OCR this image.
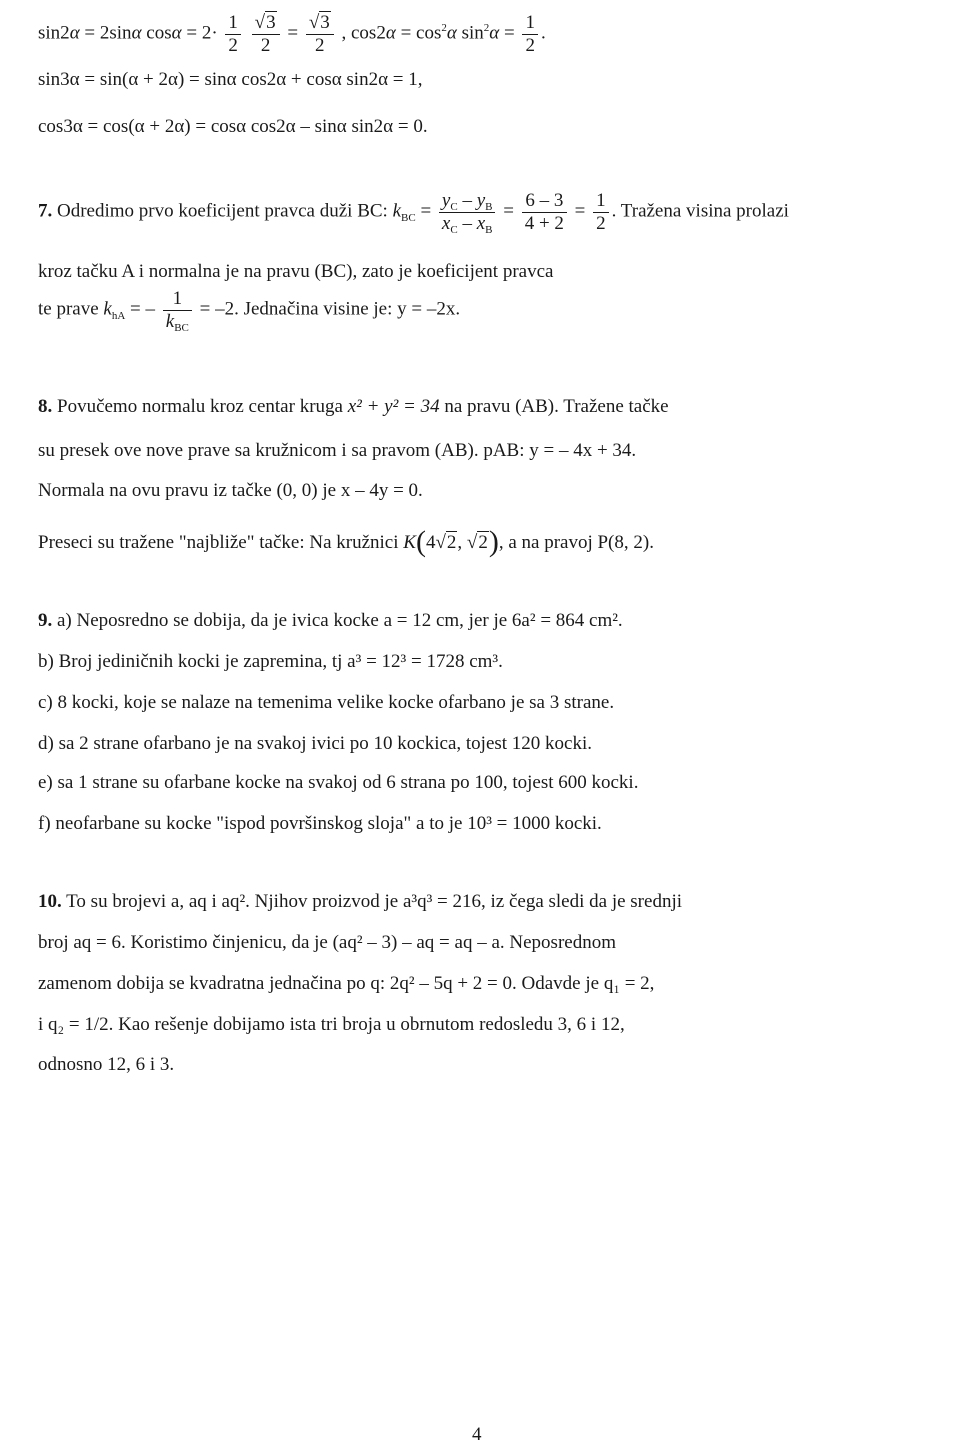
sin2α = 2sinα $\cos\alpha = 2\cdot \frac{1}{2}$
$\frac{√3}{2} = \frac{√3}{2}$ , $\cos 2\alpha = \cos^2\alpha$ $\sin^2\alpha = \frac{1}{2}$ .
sin3α = sin(α + 2α) = sinα cos2α + cosα sin2α = 1,
cos3α = cos(α + 2α) = cosα cos2α – sinα sin2α = 0.
7. Odredimo prvo koeficijent pravca duži BC: $k_{BC} = \frac{y_C - y_B}{x_C - x_B} = \frac{6 - 3}{4 + 2} = \frac{1}{2}$ . Tražena visina prolazi
kroz tačku A i normalna je na pravu (BC), zato je koeficijent pravca
te prave $k_{hA}$ = – $\frac{1}{k_{BC}} = -2$. Jednačina visine je: y = –2x.
8. Povučemo normalu kroz centar kruga x² + y² = 34 na pravu (AB). Tražene tačke
su presek ove nove prave sa kružnicom i sa pravom (AB). pAB: y = – 4x + 34.
Normala na ovu pravu iz tačke (0, 0) je x – 4y = 0.
Preseci su tražene "najbliže" tačke: Na kružnici K(4√2, √2), a na pravoj P(8, 2).
9. a) Neposredno se dobija, da je ivica kocke a = 12 cm, jer je 6a² = 864 cm².
b) Broj jediničnih kocki je zapremina, tj a³ = 12³ = 1728 cm³.
c) 8 kocki, koje se nalaze na temenima velike kocke ofarbano je sa 3 strane.
d) sa 2 strane ofarbano je na svakoj ivici po 10 kockica, tojest 120 kocki.
e) sa 1 strane su ofarbane kocke na svakoj od 6 strana po 100, tojest 600 kocki.
f) neofarbane su kocke "ispod površinskog sloja" a to je 10³ = 1000 kocki.
10. To su brojevi a, aq i aq². Njihov proizvod je a³q³ = 216, iz čega sledi da je srednji
broj aq = 6. Koristimo činjenicu, da je (aq² – 3) – aq = aq – a. Neposrednom
zamenom dobija se kvadratna jednačina po q: 2q² – 5q + 2 = 0. Odavde je q₁ = 2,
i q₂ = 1/2. Kao rešenje dobijamo ista tri broja u obrnutom redosledu 3, 6 i 12,
odnosno 12, 6 i 3.
4
